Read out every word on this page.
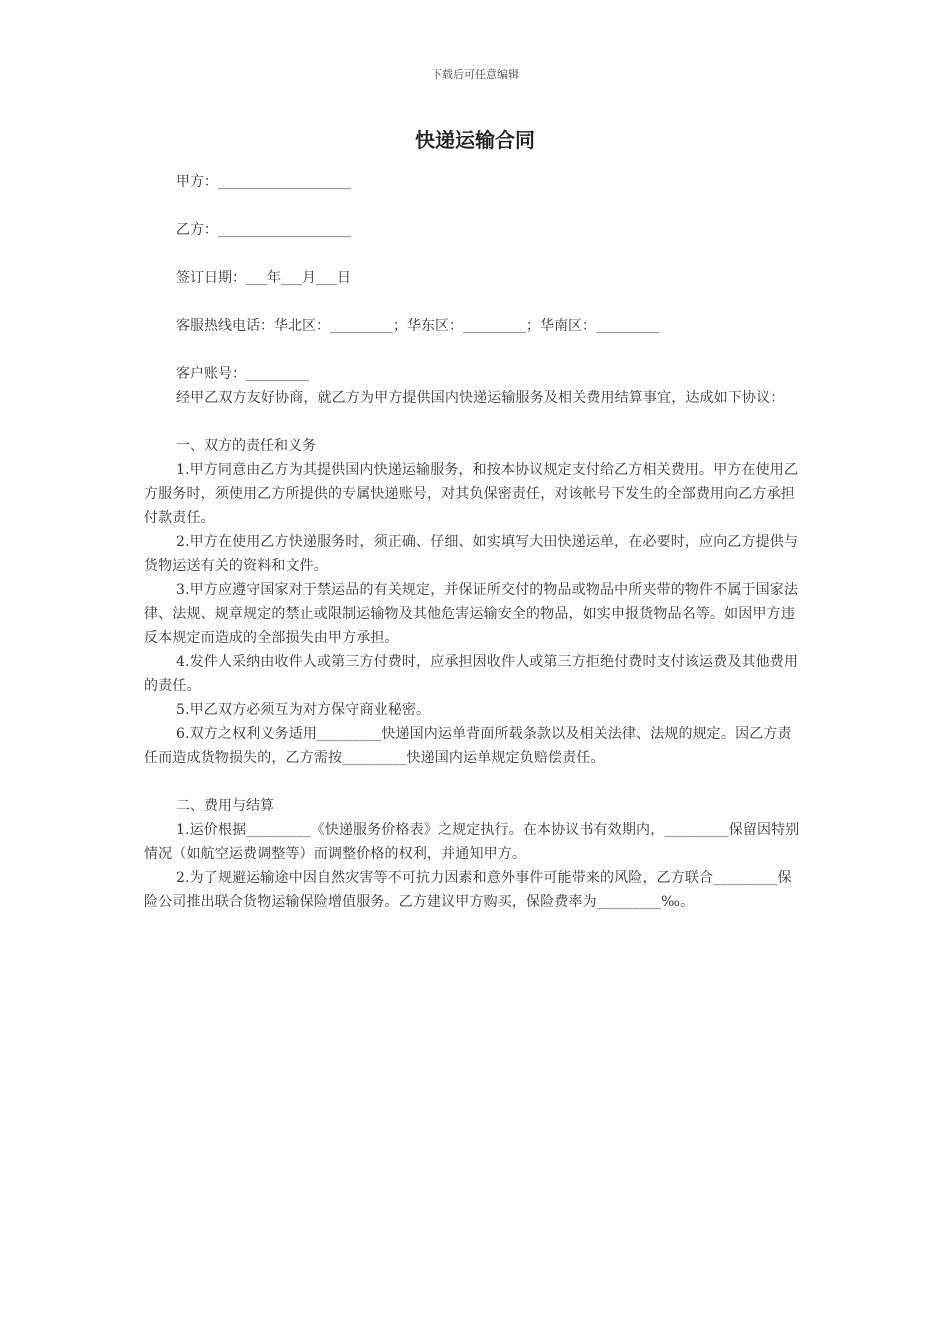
下载后可任意编辑
快递运输合同
甲方：___________________
乙方：___________________
签订日期：___年___月___日
客服热线电话：华北区：_________；华东区：_________；华南区：_________
客户账号：_________

经甲乙双方友好协商，就乙方为甲方提供国内快递运输服务及相关费用结算事宜，达成如下协议：

一、双方的责任和义务

1.甲方同意由乙方为其提供国内快递运输服务，和按本协议规定支付给乙方相关费用。甲方在使用乙方服务时，须使用乙方所提供的专属快递账号，对其负保密责任，对该帐号下发生的全部费用向乙方承担付款责任。

2.甲方在使用乙方快递服务时，须正确、仔细、如实填写大田快递运单，在必要时，应向乙方提供与货物运送有关的资料和文件。

3.甲方应遵守国家对于禁运品的有关规定，并保证所交付的物品或物品中所夹带的物件不属于国家法律、法规、规章规定的禁止或限制运输物及其他危害运输安全的物品，如实申报货物品名等。如因甲方违反本规定而造成的全部损失由甲方承担。

4.发件人采纳由收件人或第三方付费时，应承担因收件人或第三方拒绝付费时支付该运费及其他费用的责任。

5.甲乙双方必须互为对方保守商业秘密。

6.双方之权利义务适用_________快递国内运单背面所载条款以及相关法律、法规的规定。因乙方责任而造成货物损失的，乙方需按_________快递国内运单规定负赔偿责任。

二、费用与结算

1.运价根据_________《快递服务价格表》之规定执行。在本协议书有效期内，_________保留因特别情况（如航空运费调整等）而调整价格的权利，并通知甲方。

2.为了规避运输途中因自然灾害等不可抗力因素和意外事件可能带来的风险，乙方联合_________保险公司推出联合货物运输保险增值服务。乙方建议甲方购买，保险费率为_________‰。
